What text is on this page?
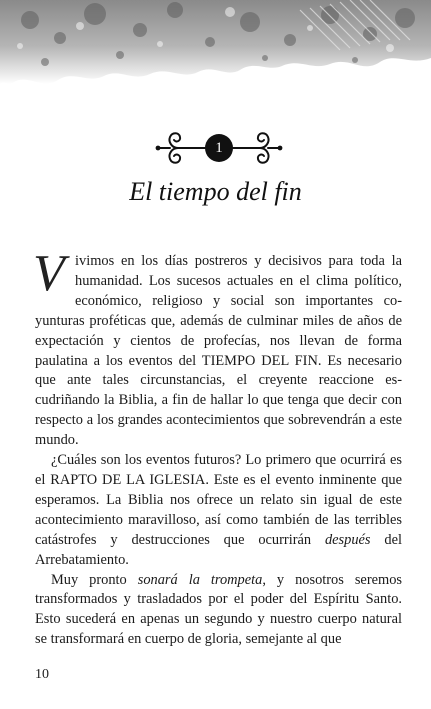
1
El tiempo del fin

Vivimos en los días postreros y decisivos para toda la humanidad. Los sucesos actuales en el clima político, económico, religioso y social son importantes coyunturas proféticas que, además de culminar miles de años de expectación y cientos de profecías, nos llevan de forma paulatina a los eventos del TIEMPO DEL FIN. Es necesario que ante tales circunstancias, el creyente reaccione escudriñando la Biblia, a fin de hallar lo que tenga que decir con respecto a los grandes acontecimientos que sobrevendrán a este mundo.

¿Cuáles son los eventos futuros? Lo primero que ocurrirá es el RAPTO DE LA IGLESIA. Este es el evento inminente que esperamos. La Biblia nos ofrece un relato sin igual de este acontecimiento maravilloso, así como también de las terribles catástrofes y destrucciones que ocurrirán después del Arrebatamiento.

Muy pronto sonará la trompeta, y nosotros seremos transformados y trasladados por el poder del Espíritu Santo. Esto sucederá en apenas un segundo y nuestro cuerpo natural se transformará en cuerpo de gloria, semejante al que

10
